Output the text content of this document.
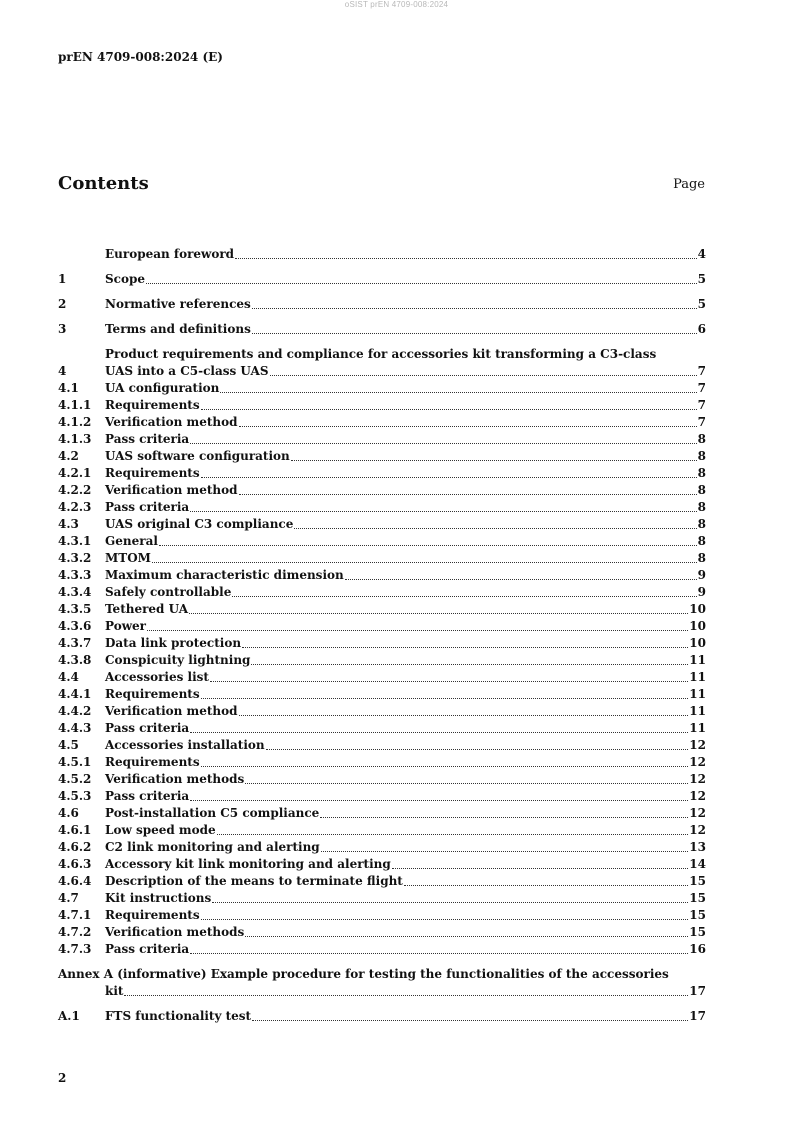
oSIST prEN 4709-008:2024
prEN 4709-008:2024 (E)
Contents	Page
European foreword	4
1	Scope	5
2	Normative references	5
3	Terms and definitions	6
4
Product requirements and compliance for accessories kit transforming a C3-class
UAS into a C5-class UAS	7
4.1	UA configuration	7
4.1.1	Requirements	7
4.1.2	Verification method	7
4.1.3	Pass criteria	8
4.2	UAS software configuration	8
4.2.1	Requirements	8
4.2.2	Verification method	8
4.2.3	Pass criteria	8
4.3	UAS original C3 compliance	8
4.3.1	General	8
4.3.2	MTOM	8
4.3.3	Maximum characteristic dimension	9
4.3.4	Safely controllable	9
4.3.5	Tethered UA	10
4.3.6	Power	10
4.3.7	Data link protection	10
4.3.8	Conspicuity lightning	11
4.4	Accessories list	11
4.4.1	Requirements	11
4.4.2	Verification method	11
4.4.3	Pass criteria	11
4.5	Accessories installation	12
4.5.1	Requirements	12
4.5.2	Verification methods	12
4.5.3	Pass criteria	12
4.6	Post-installation C5 compliance	12
4.6.1	Low speed mode	12
4.6.2	C2 link monitoring and alerting	13
4.6.3	Accessory kit link monitoring and alerting	14
4.6.4	Description of the means to terminate flight	15
4.7	Kit instructions	15
4.7.1	Requirements	15
4.7.2	Verification methods	15
4.7.3	Pass criteria	16
Annex A (informative) Example procedure for testing the functionalities of the accessories
kit	17
A.1	FTS functionality test	17
2
